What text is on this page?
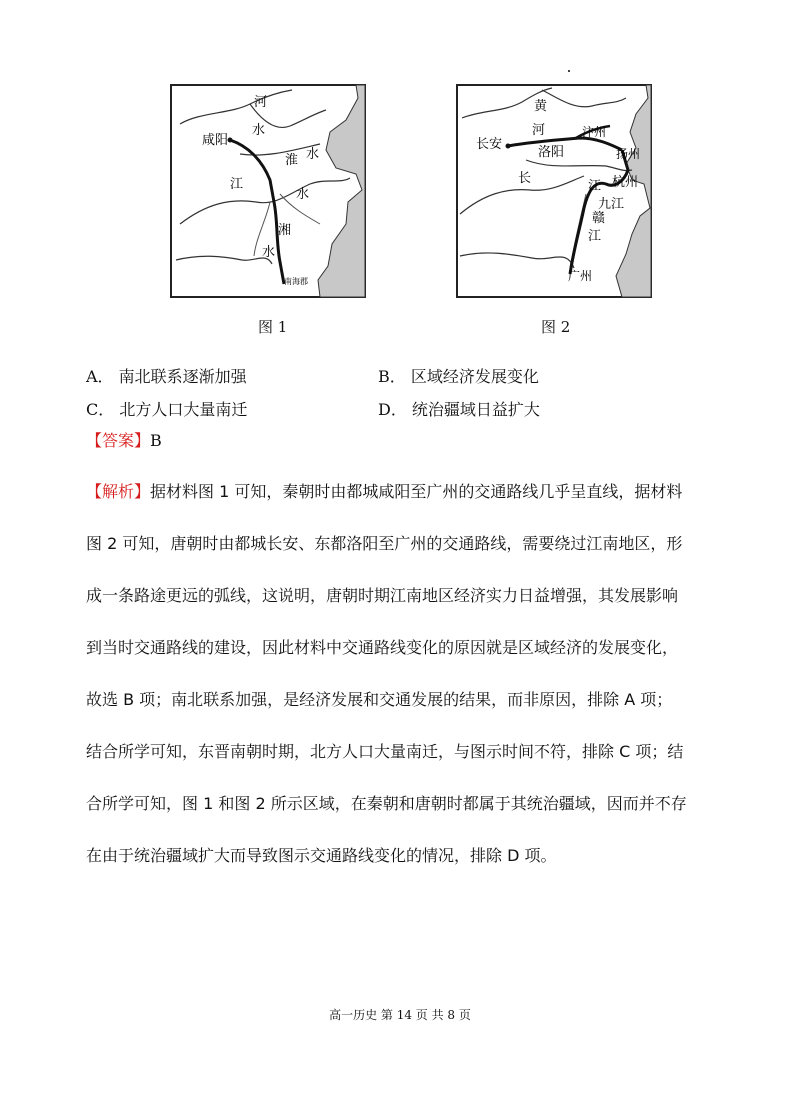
河
水
咸阳
淮 水
江
水
湘
水
南海郡
黄
河	汴州
长安
洛阳	扬州
长
江 杭州
九江
赣
江
广州
图 1	图 2
A． 南北联系逐渐加强	B． 区域经济发展变化
C． 北方人口大量南迁	D． 统治疆域日益扩大
【答案】B

【解析】据材料图 1 可知，秦朝时由都城咸阳至广州的交通路线几乎呈直线，据材料

图 2 可知，唐朝时由都城长安、东都洛阳至广州的交通路线，需要绕过江南地区，形

成一条路途更远的弧线，这说明，唐朝时期江南地区经济实力日益增强，其发展影响

到当时交通路线的建设，因此材料中交通路线变化的原因就是区域经济的发展变化，

故选 B 项；南北联系加强，是经济发展和交通发展的结果，而非原因，排除 A 项；

结合所学可知，东晋南朝时期，北方人口大量南迁，与图示时间不符，排除 C 项；结

合所学可知，图 1 和图 2 所示区域，在秦朝和唐朝时都属于其统治疆域，因而并不存

在由于统治疆域扩大而导致图示交通路线变化的情况，排除 D 项。

高一历史 第 14 页 共 8 页
